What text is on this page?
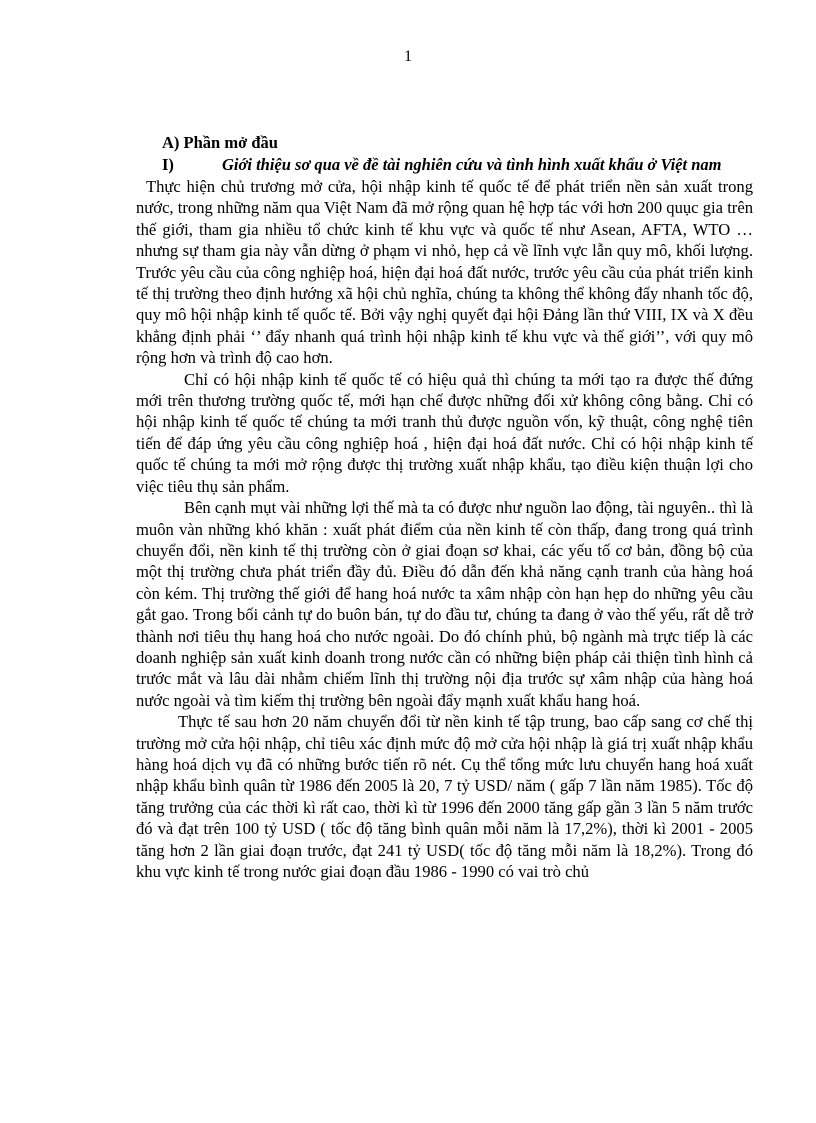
1

A) Phần mở đầu

I)	Giới thiệu sơ qua về đề tài nghiên cứu và tình hình xuất khẩu ở Việt nam

Thực hiện chủ trương mở cửa, hội nhập kinh tế quốc tế để phát triển nền sản xuất trong nước, trong những năm qua Việt Nam đã mở rộng quan hệ hợp tác với hơn 200 quục gia trên thế giới, tham gia nhiều tổ chức kinh tế khu vực và quốc tế như Asean, AFTA, WTO …nhưng sự tham gia này vẫn dừng ở phạm vi nhỏ, hẹp cả về lĩnh vực lẫn quy mô, khối lượng. Trước yêu cầu của công nghiệp hoá, hiện đại hoá đất nước, trước yêu cầu của phát triển kinh tế thị trường theo định hướng xã hội chủ nghĩa, chúng ta không thể không đẩy nhanh tốc độ, quy mô hội nhập kinh tế quốc tế. Bởi vậy nghị quyết đại hội Đảng lần thứ VIII, IX và X đều khẳng định phải ‘’ đẩy nhanh quá trình hội nhập kinh tế khu vực và thế giới’’, với quy mô rộng hơn và trình độ cao hơn.

Chỉ có hội nhập kinh tế quốc tế có hiệu quả thì chúng ta mới tạo ra được thế đứng mới trên thương trường quốc tế, mới hạn chế được những đối xử không công bằng. Chỉ có hội nhập kinh tế quốc tế chúng ta mới tranh thủ được nguồn vốn, kỹ thuật, công nghệ tiên tiến để đáp ứng yêu cầu công nghiệp hoá , hiện đại hoá đất nước. Chỉ có hội nhập kinh tế quốc tế chúng ta mới mở rộng được thị trường xuất nhập khẩu, tạo điều kiện thuận lợi cho việc tiêu thụ sản phẩm.

Bên cạnh mụt vài những lợi thế mà ta có được như nguồn lao động, tài nguyên.. thì là muôn vàn những khó khăn : xuất phát điểm của nền kinh tế còn thấp, đang trong quá trình chuyển đổi, nền kinh tế thị trường còn ở giai đoạn sơ khai, các yếu tố cơ bản, đồng bộ của một thị trường chưa phát triển đầy đủ. Điều đó dẫn đến khả năng cạnh tranh của hàng hoá còn kém. Thị trường thế giới để hang hoá nước ta xâm nhập còn hạn hẹp do những yêu cầu gắt gao. Trong bối cảnh tự do buôn bán, tự do đầu tư, chúng ta đang ở vào thế yếu, rất dễ trở thành nơi tiêu thụ hang hoá cho nước ngoài. Do đó chính phủ, bộ ngành mà trực tiếp là các doanh nghiệp sản xuất kinh doanh trong nước cần có những biện pháp cải thiện tình hình cả trước mắt và lâu dài nhằm chiếm lĩnh thị trường nội địa trước sự xâm nhập của hàng hoá nước ngoài và tìm kiếm thị trường bên ngoài đẩy mạnh xuất khẩu hang hoá.

Thực tế sau hơn 20 năm chuyển đổi từ nền kinh tế tập trung, bao cấp sang cơ chế thị trường mở cửa hội nhập, chỉ tiêu xác định mức độ mở cửa hội nhập là giá trị xuất nhập khẩu hàng hoá dịch vụ đã có những bước tiến rõ nét. Cụ thể tổng mức lưu chuyển hang hoá xuất nhập khẩu bình quân từ 1986 đến 2005 là 20, 7 tỷ USD/ năm ( gấp 7 lần năm 1985). Tốc độ tăng trưởng của các thời kì rất cao, thời kì từ 1996 đến 2000 tăng gấp gần 3 lần 5 năm trước đó và đạt trên 100 tỷ USD ( tốc độ tăng bình quân mỗi năm là 17,2%), thời kì 2001 - 2005 tăng hơn 2 lần giai đoạn trước, đạt 241 tỷ USD( tốc độ tăng mỗi năm là 18,2%). Trong đó khu vực kinh tế trong nước giai đoạn đầu 1986 - 1990 có vai trò chủ
